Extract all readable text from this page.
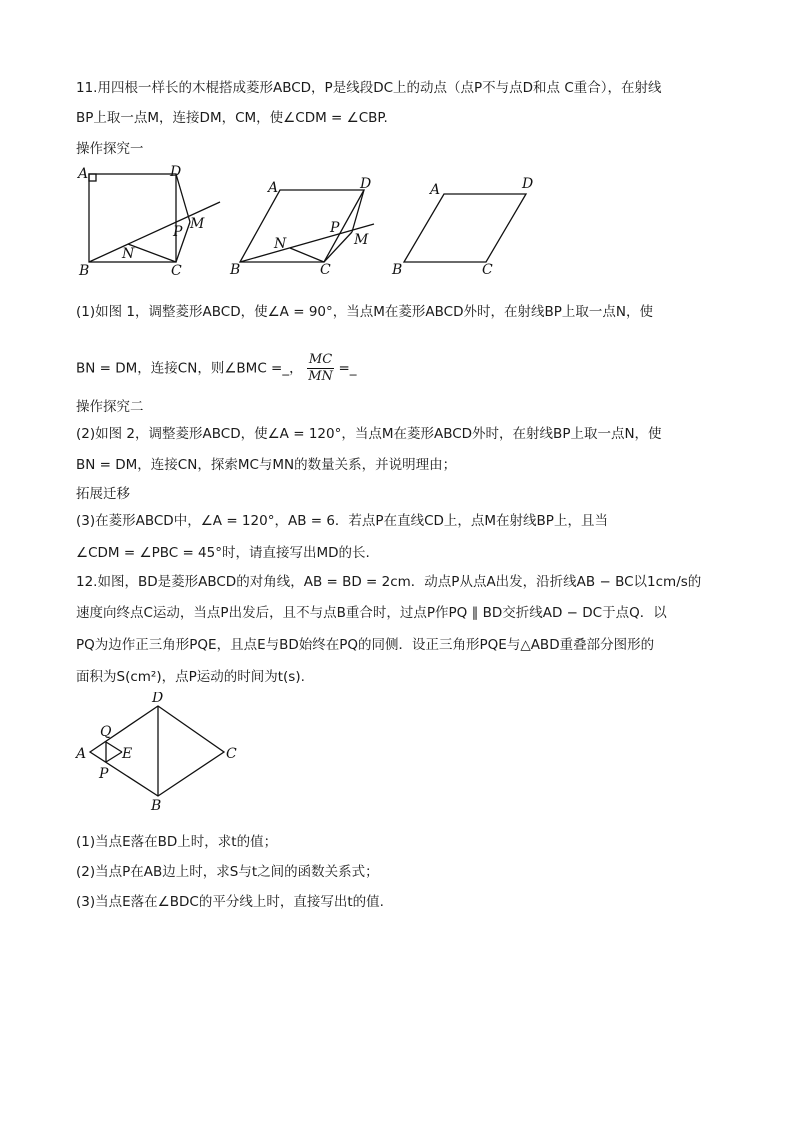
11.用四根一样长的木棍搭成菱形ABCD，P是线段DC上的动点（点P不与点D和点 C重合），在射线
BP上取一点M，连接DM，CM，使∠CDM = ∠CBP.
操作探究一
A	D
M
P
N
B	C
A	D
N
P
M
B	C
A	D
B	C
(1)如图 1，调整菱形ABCD，使∠A = 90°，当点M在菱形ABCD外时，在射线BP上取一点N，使
BN = DM，连接CN，则∠BMC =_， $\frac{MC}{MN}$ =_
操作探究二
(2)如图 2，调整菱形ABCD，使∠A = 120°，当点M在菱形ABCD外时，在射线BP上取一点N，使
BN = DM，连接CN，探索MC与MN的数量关系，并说明理由；
拓展迁移
(3)在菱形ABCD中，∠A = 120°，AB = 6．若点P在直线CD上，点M在射线BP上，且当
∠CDM = ∠PBC = 45°时，请直接写出MD的长.
12.如图，BD是菱形ABCD的对角线，AB = BD = 2cm．动点P从点A出发，沿折线AB − BC以1cm/s的
速度向终点C运动，当点P出发后，且不与点B重合时，过点P作PQ ∥ BD交折线AD − DC于点Q．以
PQ为边作正三角形PQE，且点E与BD始终在PQ的同侧．设正三角形PQE与△ABD重叠部分图形的
面积为S(cm²)，点P运动的时间为t(s).
D
Q
A	E	C
P
B
(1)当点E落在BD上时，求t的值；
(2)当点P在AB边上时，求S与t之间的函数关系式；
(3)当点E落在∠BDC的平分线上时，直接写出t的值.
